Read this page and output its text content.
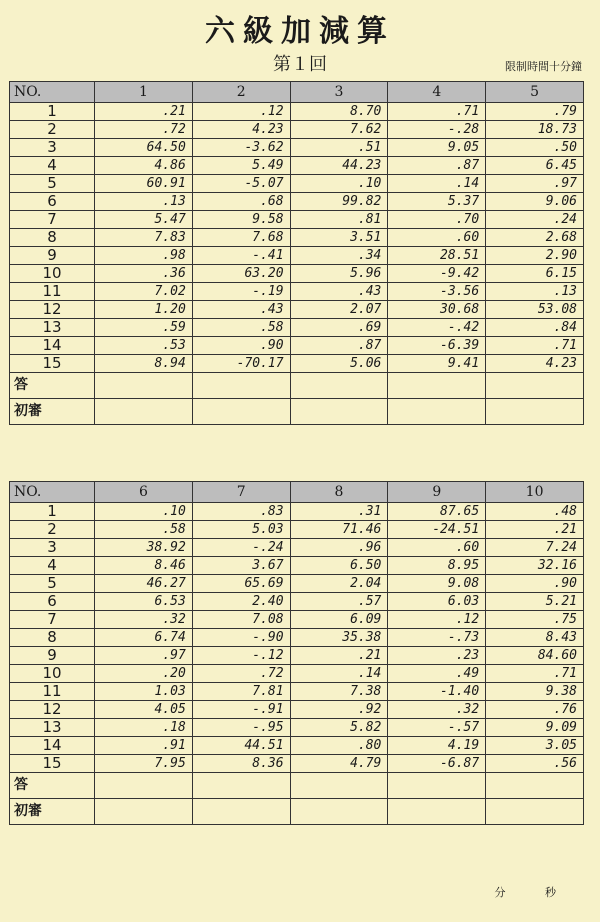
六級加減算
第１回	限制時間十分鐘
NO.	1	2	3	4	5
1	.21	.12	8.70	.71	.79
2	.72	4.23	7.62	-.28	18.73
3	64.50	-3.62	.51	9.05	.50
4	4.86	5.49	44.23	.87	6.45
5	60.91	-5.07	.10	.14	.97
6	.13	.68	99.82	5.37	9.06
7	5.47	9.58	.81	.70	.24
8	7.83	7.68	3.51	.60	2.68
9	.98	-.41	.34	28.51	2.90
10	.36	63.20	5.96	-9.42	6.15
11	7.02	-.19	.43	-3.56	.13
12	1.20	.43	2.07	30.68	53.08
13	.59	.58	.69	-.42	.84
14	.53	.90	.87	-6.39	.71
15	8.94	-70.17	5.06	9.41	4.23
答					
初審					
NO.	6	7	8	9	10
1	.10	.83	.31	87.65	.48
2	.58	5.03	71.46	-24.51	.21
3	38.92	-.24	.96	.60	7.24
4	8.46	3.67	6.50	8.95	32.16
5	46.27	65.69	2.04	9.08	.90
6	6.53	2.40	.57	6.03	5.21
7	.32	7.08	6.09	.12	.75
8	6.74	-.90	35.38	-.73	8.43
9	.97	-.12	.21	.23	84.60
10	.20	.72	.14	.49	.71
11	1.03	7.81	7.38	-1.40	9.38
12	4.05	-.91	.92	.32	.76
13	.18	-.95	5.82	-.57	9.09
14	.91	44.51	.80	4.19	3.05
15	7.95	8.36	4.79	-6.87	.56
答					
初審					
分 秒
